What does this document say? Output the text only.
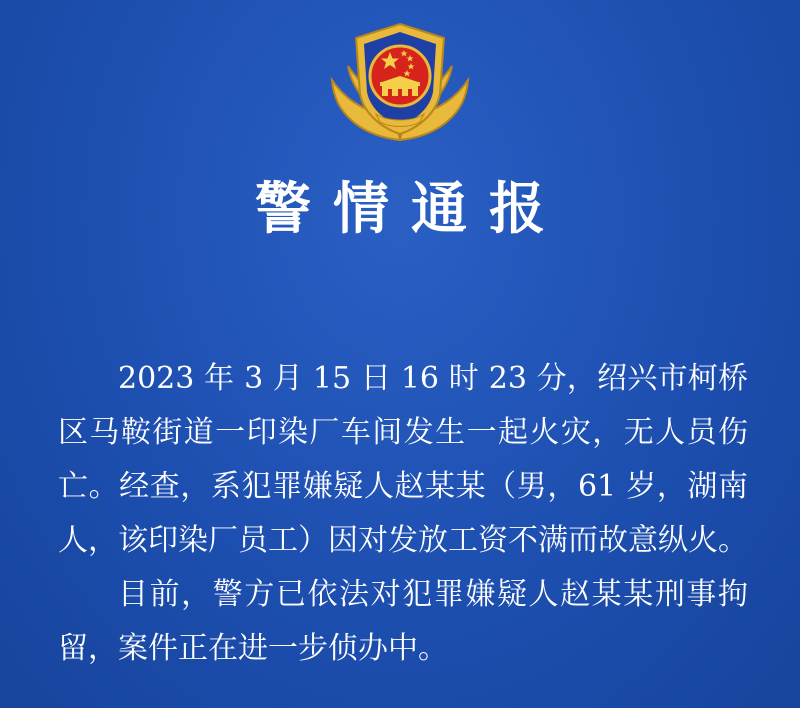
警情通报

2023 年 3 月 15 日 16 时 23 分，绍兴市柯桥区马鞍街道一印染厂车间发生一起火灾，无人员伤亡。经查，系犯罪嫌疑人赵某某（男，61 岁，湖南人，该印染厂员工）因对发放工资不满而故意纵火。

目前，警方已依法对犯罪嫌疑人赵某某刑事拘留，案件正在进一步侦办中。
